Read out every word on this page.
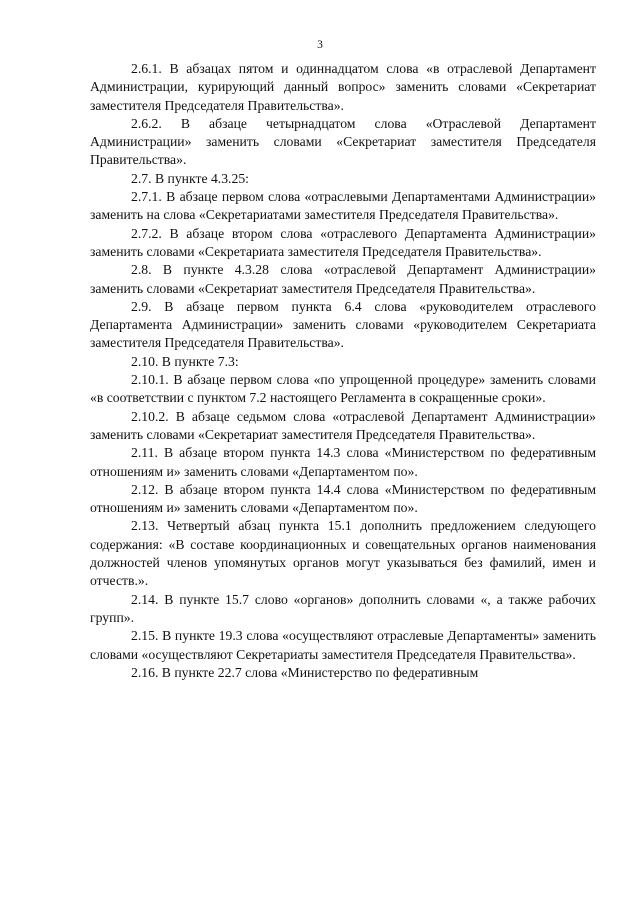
3

2.6.1. В абзацах пятом и одиннадцатом слова «в отраслевой Департамент Администрации, курирующий данный вопрос» заменить словами «Секретариат заместителя Председателя Правительства».

2.6.2. В абзаце четырнадцатом слова «Отраслевой Департамент Администрации» заменить словами «Секретариат заместителя Председателя Правительства».

2.7. В пункте 4.3.25:

2.7.1. В абзаце первом слова «отраслевыми Департаментами Администрации» заменить на слова «Секретариатами заместителя Председателя Правительства».

2.7.2. В абзаце втором слова «отраслевого Департамента Администрации» заменить словами «Секретариата заместителя Председателя Правительства».

2.8. В пункте 4.3.28 слова «отраслевой Департамент Администрации» заменить словами «Секретариат заместителя Председателя Правительства».

2.9. В абзаце первом пункта 6.4 слова «руководителем отраслевого Департамента Администрации» заменить словами «руководителем Секретариата заместителя Председателя Правительства».

2.10. В пункте 7.3:

2.10.1. В абзаце первом слова «по упрощенной процедуре» заменить словами «в соответствии с пунктом 7.2 настоящего Регламента в сокращенные сроки».

2.10.2. В абзаце седьмом слова «отраслевой Департамент Администрации» заменить словами «Секретариат заместителя Председателя Правительства».

2.11. В абзаце втором пункта 14.3 слова «Министерством по федеративным отношениям и» заменить словами «Департаментом по».

2.12. В абзаце втором пункта 14.4 слова «Министерством по федеративным отношениям и» заменить словами «Департаментом по».

2.13. Четвертый абзац пункта 15.1 дополнить предложением следующего содержания: «В составе координационных и совещательных органов наименования должностей членов упомянутых органов могут указываться без фамилий, имен и отчеств.».

2.14. В пункте 15.7 слово «органов» дополнить словами «, а также рабочих групп».

2.15. В пункте 19.3 слова «осуществляют отраслевые Департаменты» заменить словами «осуществляют Секретариаты заместителя Председателя Правительства».

2.16. В пункте 22.7 слова «Министерство по федеративным
